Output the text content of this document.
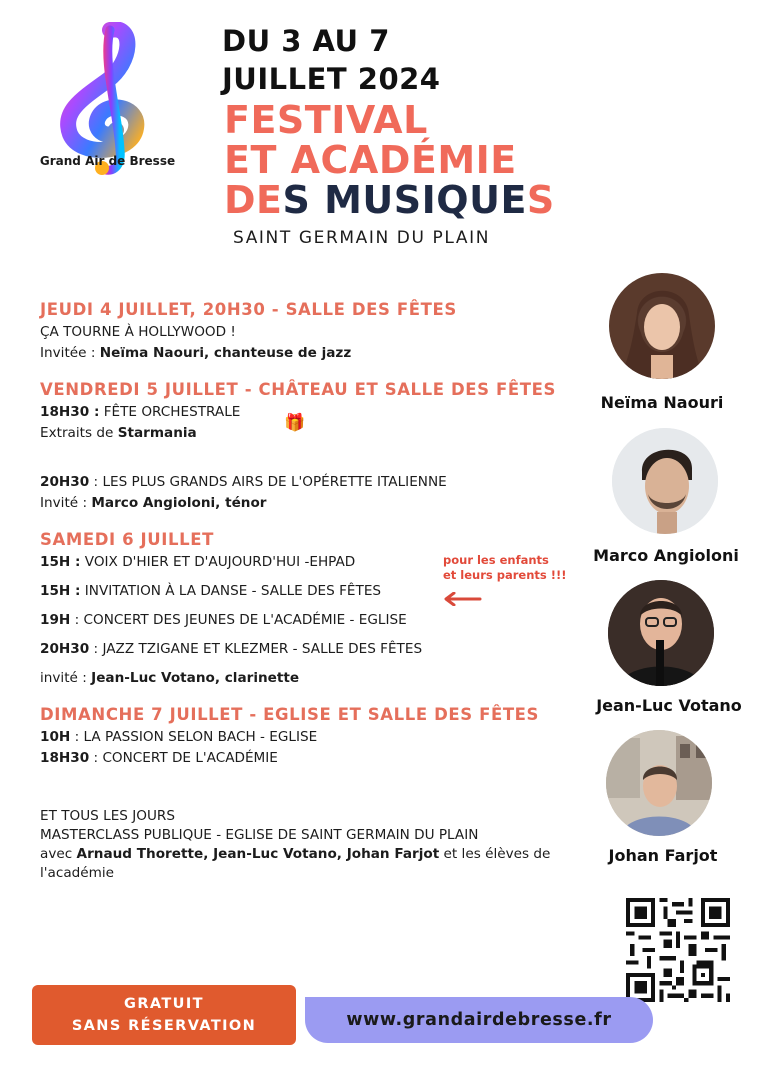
Grand Air de Bresse
DU 3 AU 7
JUILLET 2024
FESTIVAL
ET ACADÉMIE
DES MUSIQUES
SAINT GERMAIN DU PLAIN
JEUDI 4 JUILLET, 20H30 - SALLE DES FÊTES
ÇA TOURNE À HOLLYWOOD !
Invitée : Neïma Naouri, chanteuse de jazz
VENDREDI 5 JUILLET - CHÂTEAU ET SALLE DES FÊTES
18H30 : FÊTE ORCHESTRALE
Extraits de Starmania
20H30 : LES PLUS GRANDS AIRS DE L'OPÉRETTE ITALIENNE
Invité : Marco Angioloni, ténor
SAMEDI 6 JUILLET
15H : VOIX D'HIER ET D'AUJOURD'HUI -EHPAD
15H : INVITATION À LA DANSE - SALLE DES FÊTES
19H : CONCERT DES JEUNES DE L'ACADÉMIE - EGLISE
20H30 : JAZZ TZIGANE ET KLEZMER - SALLE DES FÊTES
invité : Jean-Luc Votano, clarinette
DIMANCHE 7 JUILLET - EGLISE ET SALLE DES FÊTES
10H : LA PASSION SELON BACH - EGLISE
18H30 : CONCERT DE L'ACADÉMIE
ET TOUS LES JOURS
MASTERCLASS PUBLIQUE - EGLISE DE SAINT GERMAIN DU PLAIN
avec Arnaud Thorette, Jean-Luc Votano, Johan Farjot et les élèves de
l'académie
🎁
pour les enfants
et leurs parents !!!
Neïma Naouri
Marco Angioloni
Jean-Luc Votano
Johan Farjot
GRATUIT
SANS RÉSERVATION	www.grandairdebresse.fr
